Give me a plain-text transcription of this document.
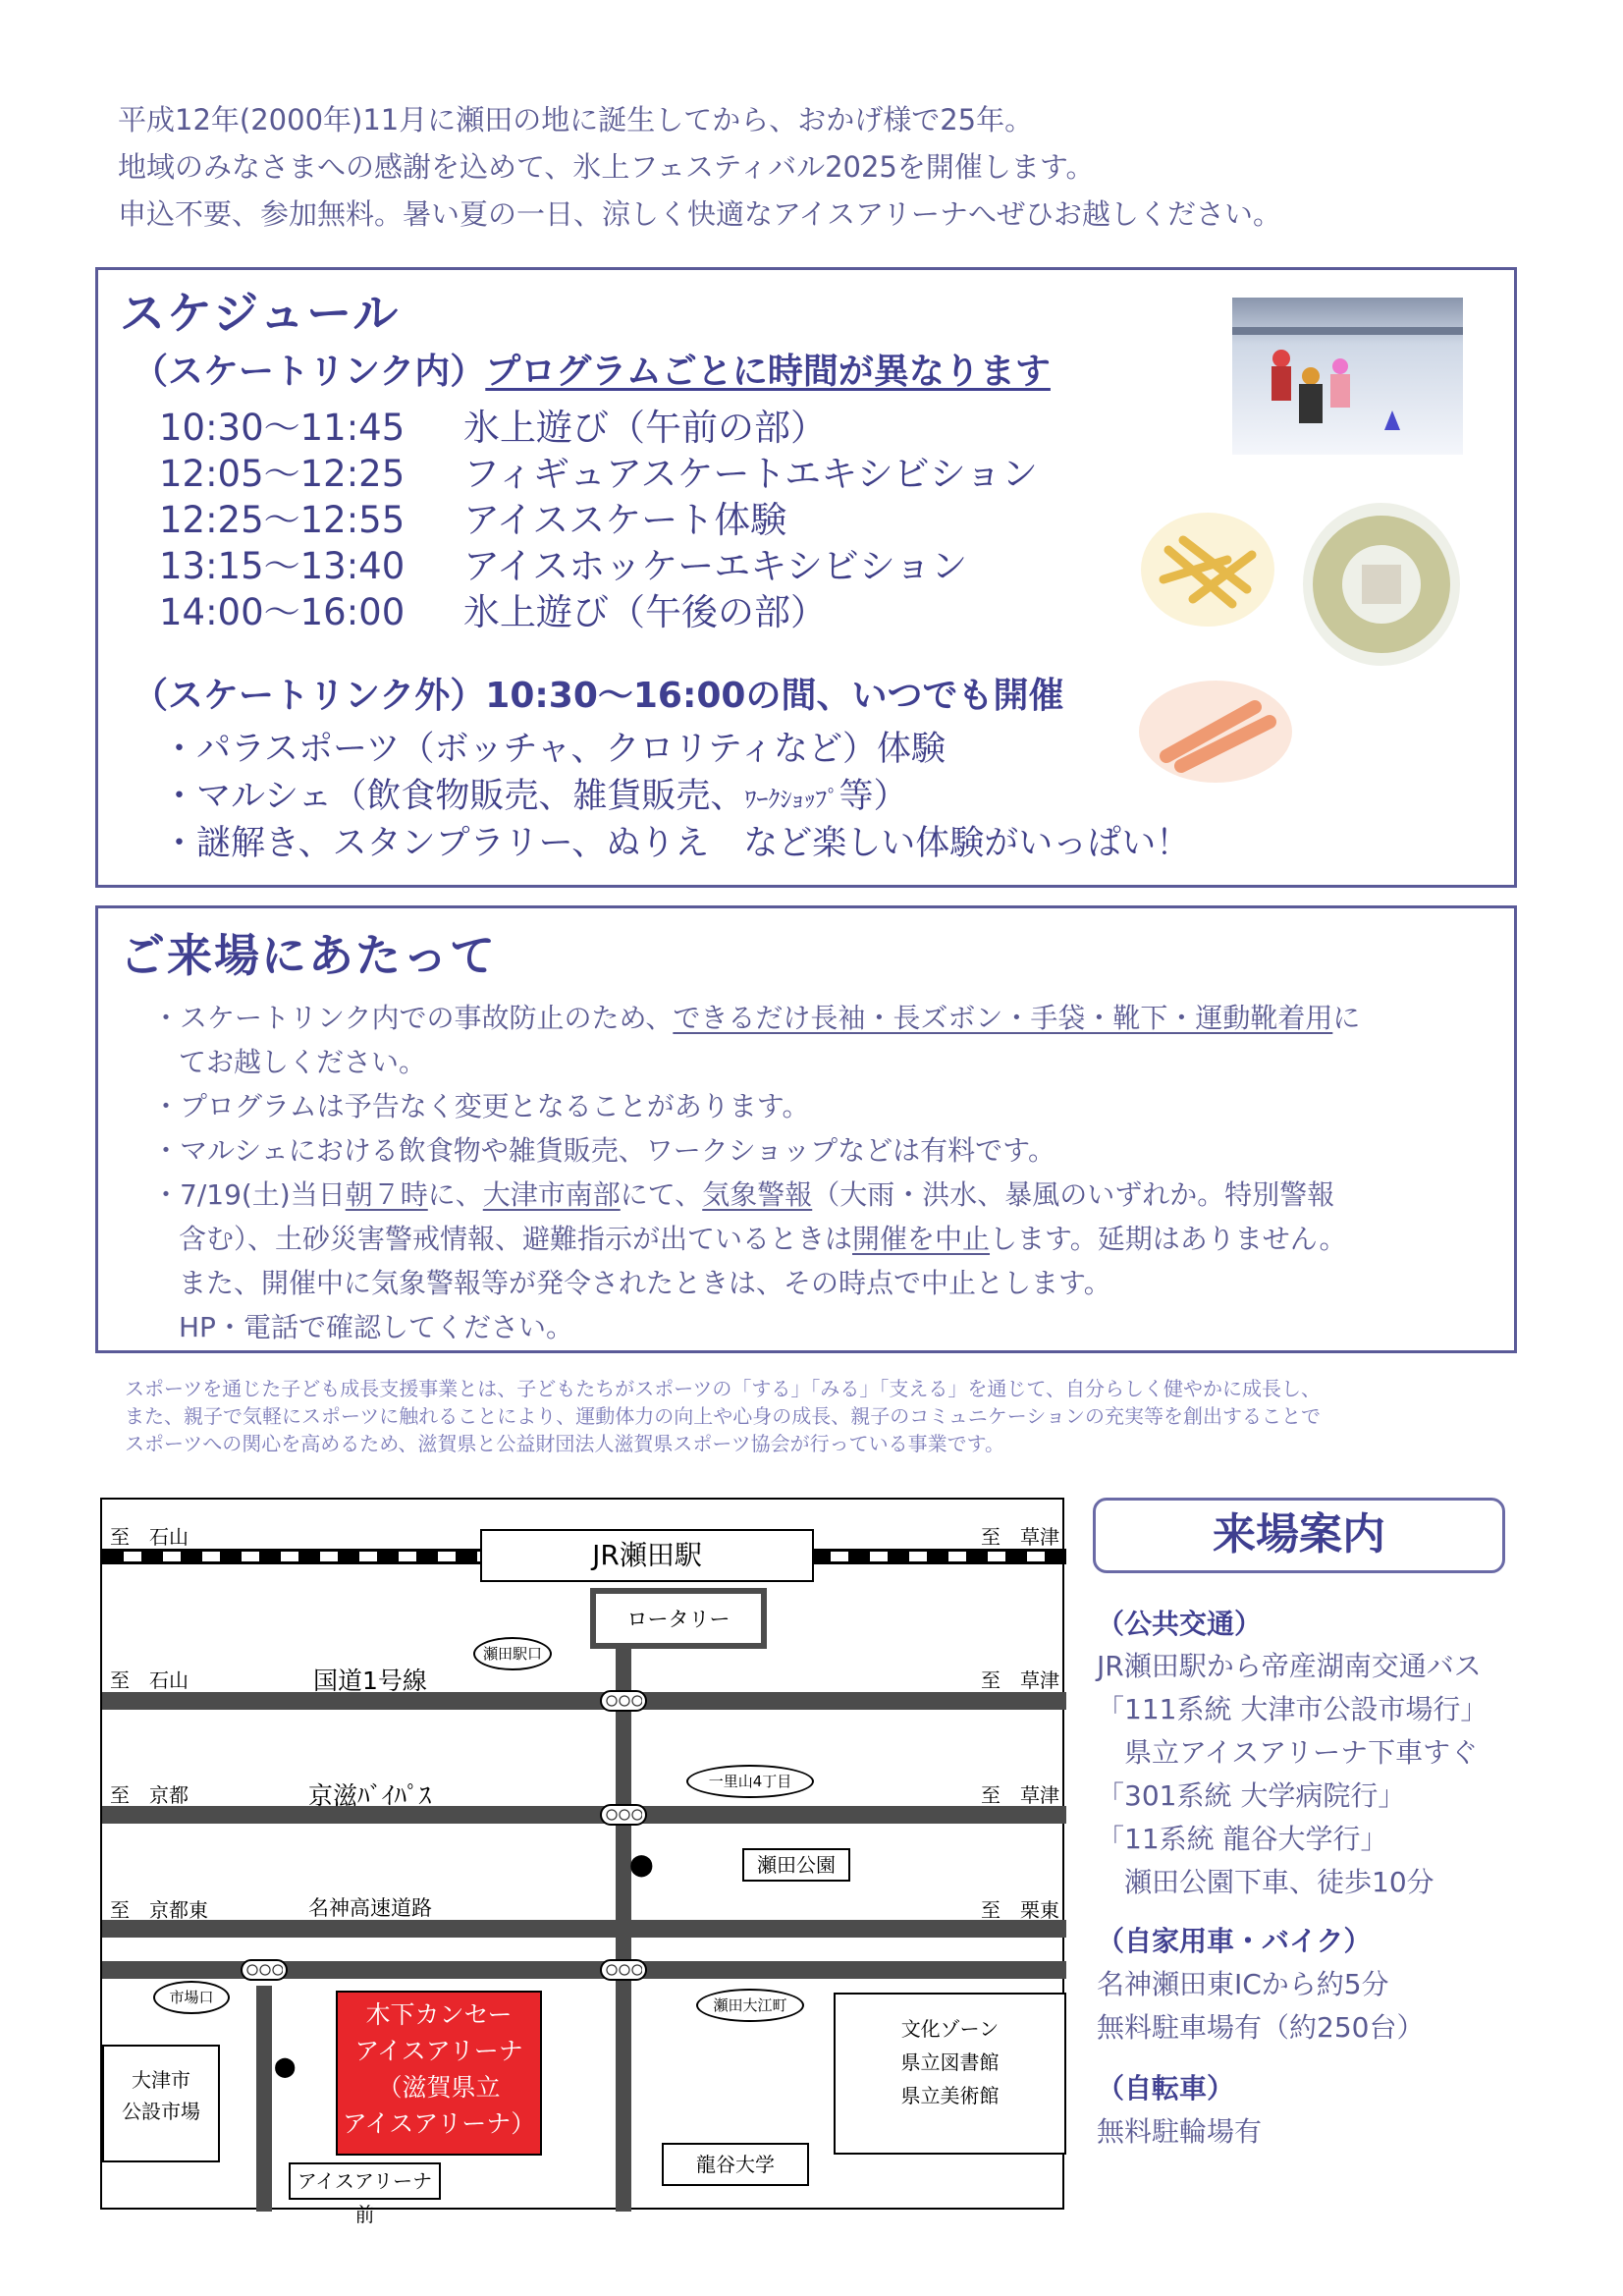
平成12年(2000年)11月に瀬田の地に誕生してから、おかげ様で25年。
地域のみなさまへの感謝を込めて、氷上フェスティバル2025を開催します。
申込不要、参加無料。暑い夏の一日、涼しく快適なアイスアリーナへぜひお越しください。
スケジュール
（スケートリンク内）プログラムごとに時間が異なります
10:30〜11:45 氷上遊び（午前の部）
12:05〜12:25 フィギュアスケートエキシビション
12:25〜12:55 アイススケート体験
13:15〜13:40 アイスホッケーエキシビション
14:00〜16:00 氷上遊び（午後の部）
（スケートリンク外）10:30〜16:00の間、いつでも開催
・パラスポーツ（ボッチャ、クロリティなど）体験
・マルシェ（飲食物販売、雑貨販売、ﾜｰｸｼｮｯﾌﾟ等）
・謎解き、スタンプラリー、ぬりえ　など楽しい体験がいっぱい！
ご来場にあたって
・スケートリンク内での事故防止のため、できるだけ長袖・長ズボン・手袋・靴下・運動靴着用に
てお越しください。
・プログラムは予告なく変更となることがあります。
・マルシェにおける飲食物や雑貨販売、ワークショップなどは有料です。
・7/19(土)当日朝７時に、大津市南部にて、気象警報（大雨・洪水、暴風のいずれか。特別警報
含む）、土砂災害警戒情報、避難指示が出ているときは開催を中止します。延期はありません。
また、開催中に気象警報等が発令されたときは、その時点で中止とします。
HP・電話で確認してください。
スポーツを通じた子ども成長支援事業とは、子どもたちがスポーツの「する」「みる」「支える」を通じて、自分らしく健やかに成長し、
また、親子で気軽にスポーツに触れることにより、運動体力の向上や心身の成長、親子のコミュニケーションの充実等を創出することで
スポーツへの関心を高めるため、滋賀県と公益財団法人滋賀県スポーツ協会が行っている事業です。
JR瀬田駅
至　石山	至　草津
ロータリー
至　石山	至　草津
国道1号線
瀬田駅口
至　京都	至　草津
京滋ﾊﾞｲﾊﾟｽ	一里山4丁目
⬤	瀬田公園
至　京都東	至　栗東
名神高速道路
市場口	瀬田大江町
木下カンセー
アイスアリーナ
（滋賀県立
アイスアリーナ）
大津市
公設市場
⬤
アイスアリーナ前
文化ゾーン
県立図書館
県立美術館
龍谷大学
来場案内
（公共交通）
JR瀬田駅から帝産湖南交通バス
「111系統 大津市公設市場行」
　県立アイスアリーナ下車すぐ
「301系統 大学病院行」
「11系統 龍谷大学行」
　瀬田公園下車、徒歩10分
（自家用車・バイク）
名神瀬田東ICから約5分
無料駐車場有（約250台）
（自転車）
無料駐輪場有
